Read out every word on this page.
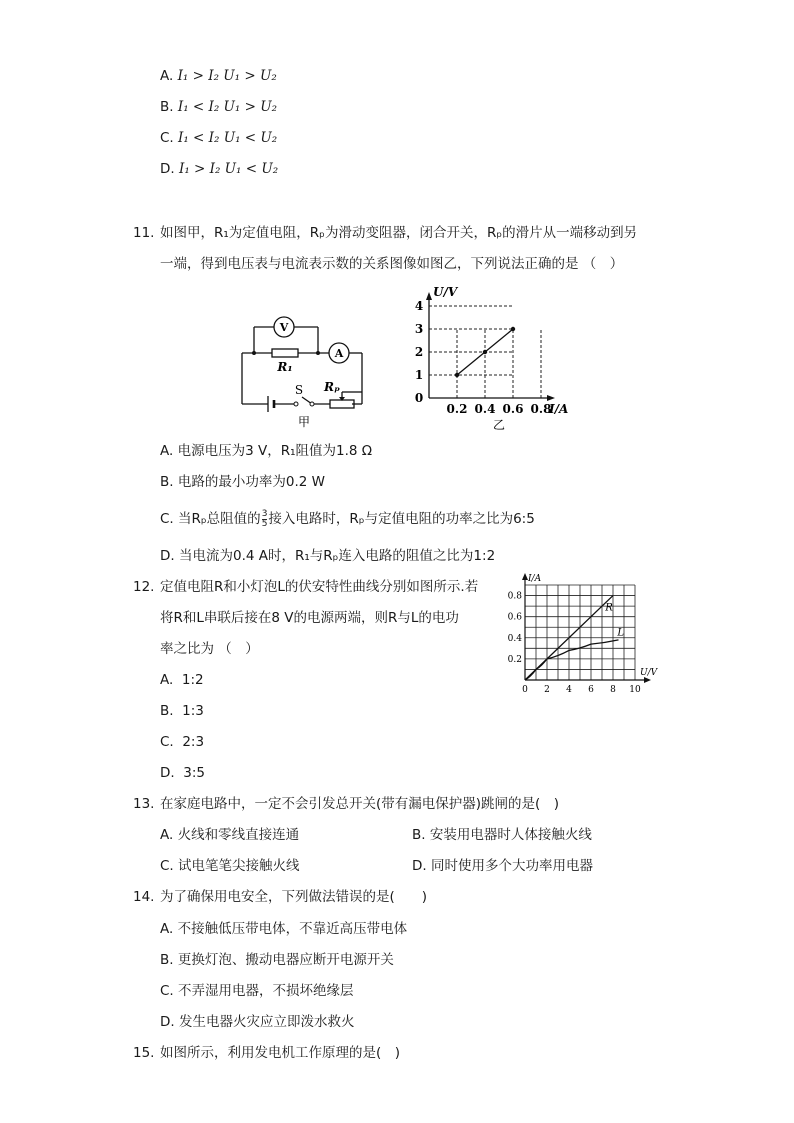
A. I₁ > I₂ U₁ > U₂
B. I₁ < I₂ U₁ > U₂
C. I₁ < I₂ U₁ < U₂
D. I₁ > I₂ U₁ < U₂
11. 如图甲，R₁为定值电阻，Rₚ为滑动变阻器，闭合开关，Rₚ的滑片从一端移动到另
一端，得到电压表与电流表示数的关系图像如图乙，下列说法正确的是 （　）
V
A
R₁
S Rₚ
甲
0.2 0.4 0.6 0.8
0
1
2
3
4
I/A
U/V
乙
A. 电源电压为3 V，R₁阻值为1.8 Ω
B. 电路的最小功率为0.2 W
C. 当Rₚ总阻值的 $\frac{3}{5}$ 接入电路时，Rₚ与定值电阻的功率之比为6:5
D. 当电流为0.4 A时，R₁与Rₚ连入电路的阻值之比为1:2
12. 定值电阻R和小灯泡L的伏安特性曲线分别如图所示.若
将R和L串联后接在8 V的电源两端，则R与L的电功
率之比为 （　）
A. 1:2
B. 1:3
C. 2:3
D. 3:5
0 2 4 6 8 10
0.2
0.4
0.6
0.8
U/V
I/A
R
L
13. 在家庭电路中，一定不会引发总开关(带有漏电保护器)跳闸的是(　)
A. 火线和零线直接连通	B. 安装用电器时人体接触火线
C. 试电笔笔尖接触火线	D. 同时使用多个大功率用电器
14. 为了确保用电安全，下列做法错误的是(　　)
A. 不接触低压带电体，不靠近高压带电体
B. 更换灯泡、搬动电器应断开电源开关
C. 不弄湿用电器，不损坏绝缘层
D. 发生电器火灾应立即泼水救火
15. 如图所示，利用发电机工作原理的是(　)
